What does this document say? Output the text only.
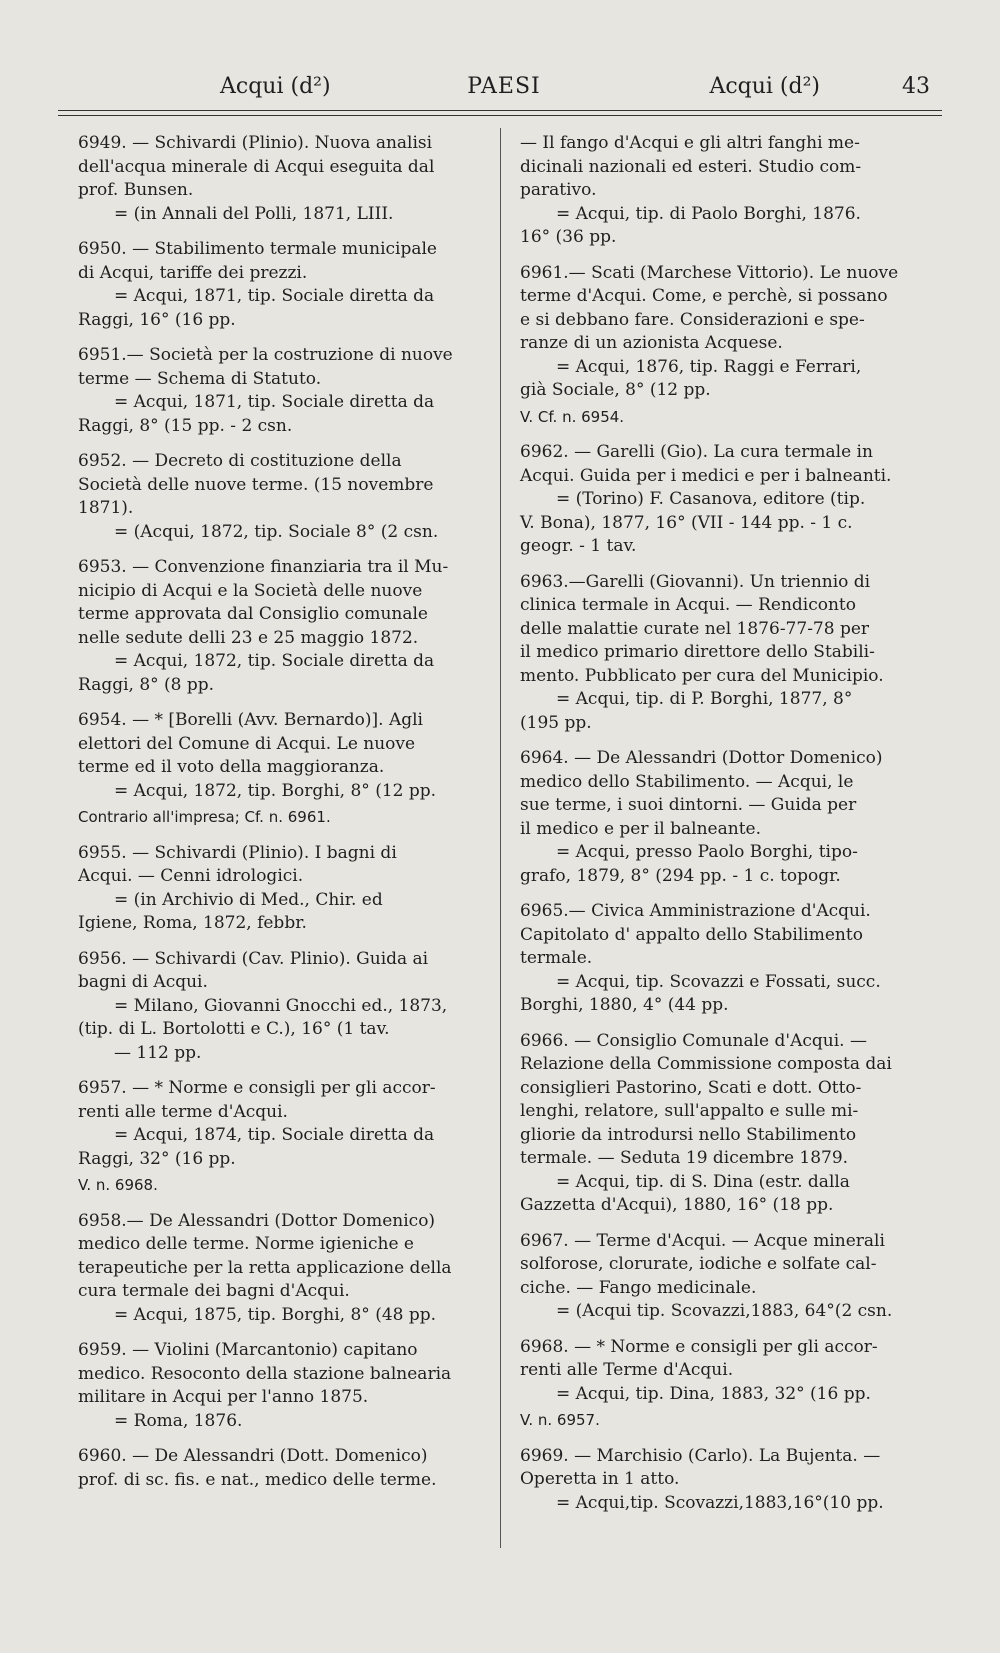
Acqui (d²)	PAESI	Acqui (d²)	43
6949. — Schivardi (Plinio). Nuova analisi
dell'acqua minerale di Acqui eseguita dal
prof. Bunsen.
= (in Annali del Polli, 1871, LIII.
6950. — Stabilimento termale municipale
di Acqui, tariffe dei prezzi.
= Acqui, 1871, tip. Sociale diretta da
Raggi, 16° (16 pp.
6951.— Società per la costruzione di nuove
terme — Schema di Statuto.
= Acqui, 1871, tip. Sociale diretta da
Raggi, 8° (15 pp. - 2 csn.
6952. — Decreto di costituzione della
Società delle nuove terme. (15 novembre
1871).
= (Acqui, 1872, tip. Sociale 8° (2 csn.
6953. — Convenzione finanziaria tra il Mu-
nicipio di Acqui e la Società delle nuove
terme approvata dal Consiglio comunale
nelle sedute delli 23 e 25 maggio 1872.
= Acqui, 1872, tip. Sociale diretta da
Raggi, 8° (8 pp.
6954. — * [Borelli (Avv. Bernardo)]. Agli
elettori del Comune di Acqui. Le nuove
terme ed il voto della maggioranza.
= Acqui, 1872, tip. Borghi, 8° (12 pp.
Contrario all'impresa; Cf. n. 6961.
6955. — Schivardi (Plinio). I bagni di
Acqui. — Cenni idrologici.
= (in Archivio di Med., Chir. ed
Igiene, Roma, 1872, febbr.
6956. — Schivardi (Cav. Plinio). Guida ai
bagni di Acqui.
= Milano, Giovanni Gnocchi ed., 1873,
(tip. di L. Bortolotti e C.), 16° (1 tav.
— 112 pp.
6957. — * Norme e consigli per gli accor-
renti alle terme d'Acqui.
= Acqui, 1874, tip. Sociale diretta da
Raggi, 32° (16 pp.
V. n. 6968.
6958.— De Alessandri (Dottor Domenico)
medico delle terme. Norme igieniche e
terapeutiche per la retta applicazione della
cura termale dei bagni d'Acqui.
= Acqui, 1875, tip. Borghi, 8° (48 pp.
6959. — Violini (Marcantonio) capitano
medico. Resoconto della stazione balnearia
militare in Acqui per l'anno 1875.
= Roma, 1876.
6960. — De Alessandri (Dott. Domenico)
prof. di sc. fis. e nat., medico delle terme.
— Il fango d'Acqui e gli altri fanghi me-
dicinali nazionali ed esteri. Studio com-
parativo.
= Acqui, tip. di Paolo Borghi, 1876.
16° (36 pp.
6961.— Scati (Marchese Vittorio). Le nuove
terme d'Acqui. Come, e perchè, si possano
e si debbano fare. Considerazioni e spe-
ranze di un azionista Acquese.
= Acqui, 1876, tip. Raggi e Ferrari,
già Sociale, 8° (12 pp.
V. Cf. n. 6954.
6962. — Garelli (Gio). La cura termale in
Acqui. Guida per i medici e per i balneanti.
= (Torino) F. Casanova, editore (tip.
V. Bona), 1877, 16° (VII - 144 pp. - 1 c.
geogr. - 1 tav.
6963.—Garelli (Giovanni). Un triennio di
clinica termale in Acqui. — Rendiconto
delle malattie curate nel 1876-77-78 per
il medico primario direttore dello Stabili-
mento. Pubblicato per cura del Municipio.
= Acqui, tip. di P. Borghi, 1877, 8°
(195 pp.
6964. — De Alessandri (Dottor Domenico)
medico dello Stabilimento. — Acqui, le
sue terme, i suoi dintorni. — Guida per
il medico e per il balneante.
= Acqui, presso Paolo Borghi, tipo-
grafo, 1879, 8° (294 pp. - 1 c. topogr.
6965.— Civica Amministrazione d'Acqui.
Capitolato d' appalto dello Stabilimento
termale.
= Acqui, tip. Scovazzi e Fossati, succ.
Borghi, 1880, 4° (44 pp.
6966. — Consiglio Comunale d'Acqui. —
Relazione della Commissione composta dai
consiglieri Pastorino, Scati e dott. Otto-
lenghi, relatore, sull'appalto e sulle mi-
gliorie da introdursi nello Stabilimento
termale. — Seduta 19 dicembre 1879.
= Acqui, tip. di S. Dina (estr. dalla
Gazzetta d'Acqui), 1880, 16° (18 pp.
6967. — Terme d'Acqui. — Acque minerali
solforose, clorurate, iodiche e solfate cal-
ciche. — Fango medicinale.
= (Acqui tip. Scovazzi,1883, 64°(2 csn.
6968. — * Norme e consigli per gli accor-
renti alle Terme d'Acqui.
= Acqui, tip. Dina, 1883, 32° (16 pp.
V. n. 6957.
6969. — Marchisio (Carlo). La Bujenta. —
Operetta in 1 atto.
= Acqui,tip. Scovazzi,1883,16°(10 pp.
